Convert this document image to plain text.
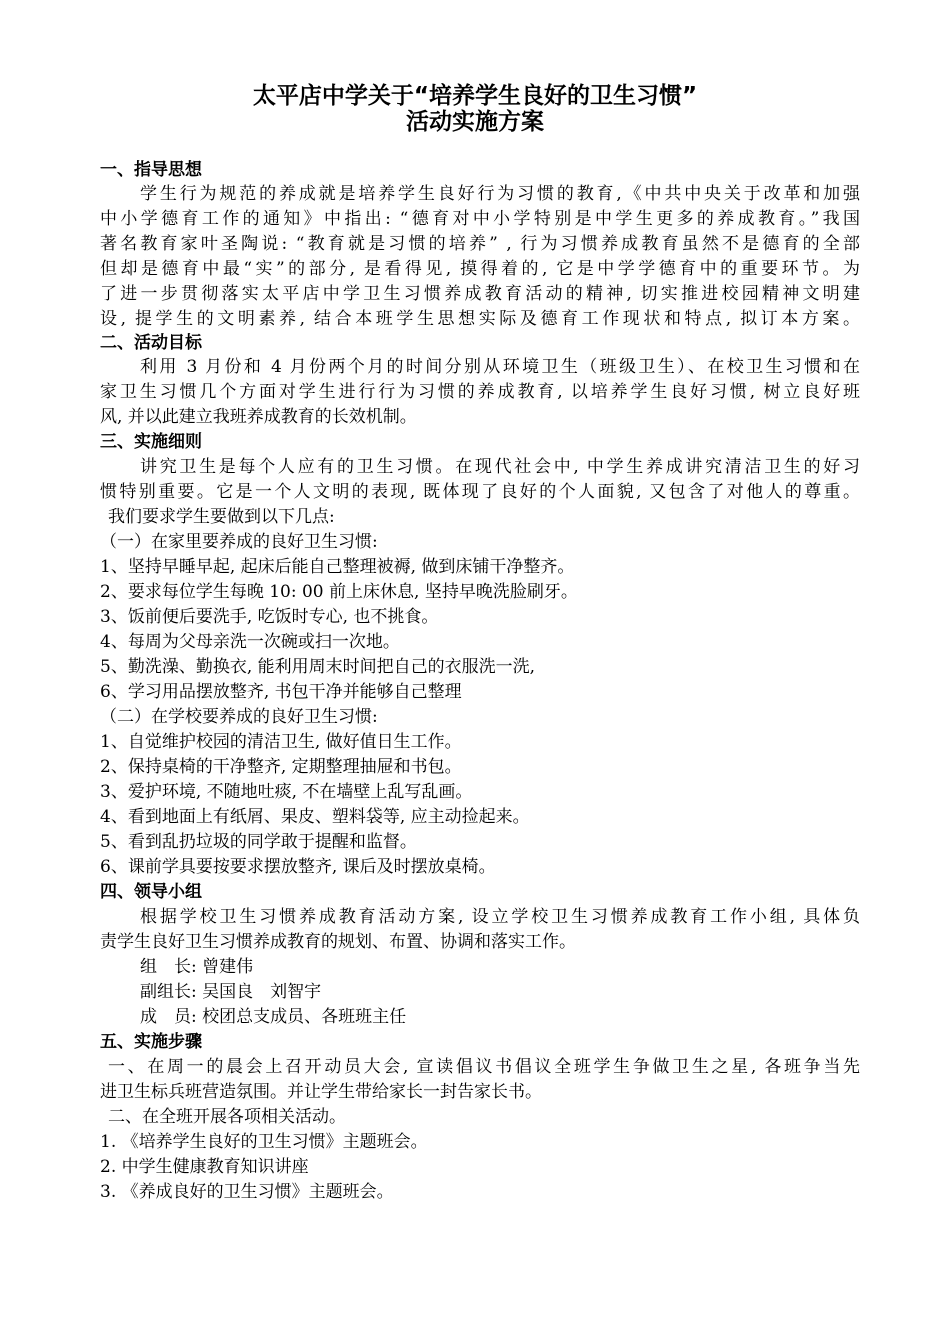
太平店中学关于“培养学生良好的卫生习惯”
活动实施方案
一、指导思想
学生行为规范的养成就是培养学生良好行为习惯的教育,《中共中央关于改革和加强
中小学德育工作的通知》中指出: “德育对中小学特别是中学生更多的养成教育。”我国
著名教育家叶圣陶说: “教育就是习惯的培养” , 行为习惯养成教育虽然不是德育的全部
但却是德育中最“实”的部分, 是看得见, 摸得着的, 它是中学学德育中的重要环节。为
了进一步贯彻落实太平店中学卫生习惯养成教育活动的精神, 切实推进校园精神文明建
设, 提学生的文明素养, 结合本班学生思想实际及德育工作现状和特点, 拟订本方案。
二、活动目标
利用 3 月份和 4 月份两个月的时间分别从环境卫生（班级卫生）、在校卫生习惯和在
家卫生习惯几个方面对学生进行行为习惯的养成教育, 以培养学生良好习惯, 树立良好班
风, 并以此建立我班养成教育的长效机制。
三、实施细则
讲究卫生是每个人应有的卫生习惯。在现代社会中, 中学生养成讲究清洁卫生的好习
惯特别重要。它是一个人文明的表现, 既体现了良好的个人面貌, 又包含了对他人的尊重。
我们要求学生要做到以下几点:
（一）在家里要养成的良好卫生习惯:
1、坚持早睡早起, 起床后能自己整理被褥, 做到床铺干净整齐。
2、要求每位学生每晚 10: 00 前上床休息, 坚持早晚洗脸刷牙。
3、饭前便后要洗手, 吃饭时专心, 也不挑食。
4、每周为父母亲洗一次碗或扫一次地。
5、勤洗澡、勤换衣, 能利用周末时间把自己的衣服洗一洗,
6、学习用品摆放整齐, 书包干净并能够自己整理
（二）在学校要养成的良好卫生习惯:
1、自觉维护校园的清洁卫生, 做好值日生工作。
2、保持桌椅的干净整齐, 定期整理抽屉和书包。
3、爱护环境, 不随地吐痰, 不在墙壁上乱写乱画。
4、看到地面上有纸屑、果皮、塑料袋等, 应主动捡起来。
5、看到乱扔垃圾的同学敢于提醒和监督。
6、课前学具要按要求摆放整齐, 课后及时摆放桌椅。
四、领导小组
根据学校卫生习惯养成教育活动方案, 设立学校卫生习惯养成教育工作小组, 具体负
责学生良好卫生习惯养成教育的规划、布置、协调和落实工作。
组　长: 曾建伟
副组长: 吴国良　刘智宇
成　员: 校团总支成员、各班班主任
五、实施步骤
一、在周一的晨会上召开动员大会, 宣读倡议书倡议全班学生争做卫生之星, 各班争当先
进卫生标兵班营造氛围。并让学生带给家长一封告家长书。
二、在全班开展各项相关活动。
1. 《培养学生良好的卫生习惯》主题班会。
2. 中学生健康教育知识讲座
3. 《养成良好的卫生习惯》主题班会。
